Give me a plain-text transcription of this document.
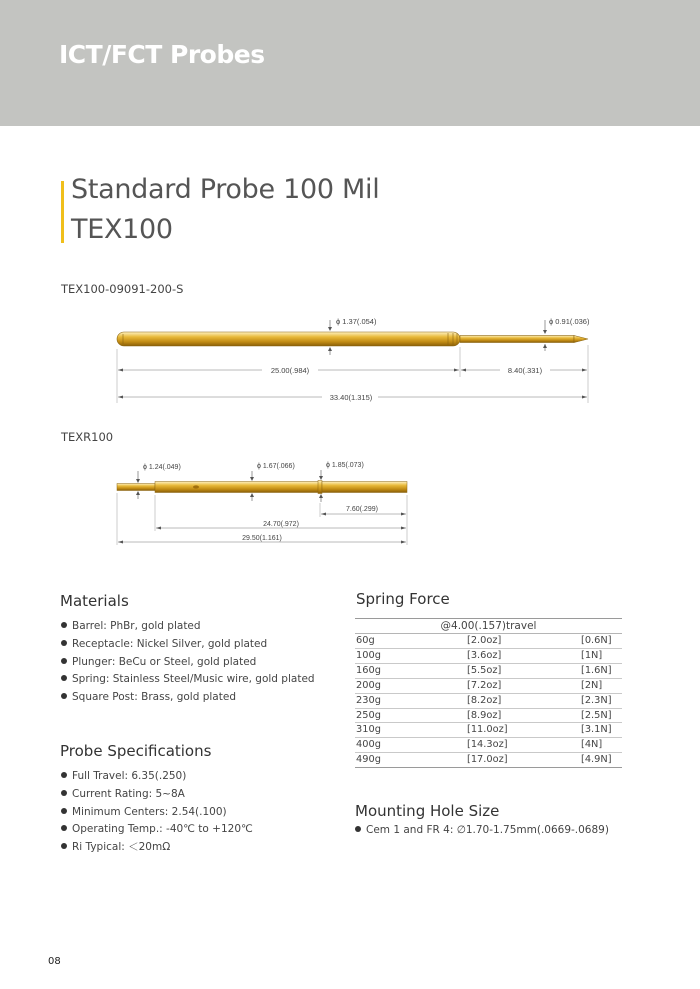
ICT/FCT Probes
Standard Probe 100 Mil
TEX100
TEX100-09091-200-S
ϕ 1.37(.054)	ϕ 0.91(.036)
25.00(.984)	8.40(.331)
33.40(1.315)
TEXR100
ϕ 1.24(.049)	ϕ 1.67(.066)	ϕ 1.85(.073)
7.60(.299)
24.70(.972)
29.50(1.161)
Materials
Barrel: PhBr, gold plated
Receptacle: Nickel Silver, gold plated
Plunger: BeCu or Steel, gold plated
Spring: Stainless Steel/Music wire, gold plated
Square Post: Brass, gold plated
Probe Specifications
Full Travel: 6.35(.250)
Current Rating: 5~8A
Minimum Centers: 2.54(.100)
Operating Temp.: -40℃ to +120℃
Ri Typical: ＜20mΩ
Spring Force
@4.00(.157)travel		
60g	[2.0oz]	[0.6N]
100g	[3.6oz]	[1N]
160g	[5.5oz]	[1.6N]
200g	[7.2oz]	[2N]
230g	[8.2oz]	[2.3N]
250g	[8.9oz]	[2.5N]
310g	[11.0oz]	[3.1N]
400g	[14.3oz]	[4N]
490g	[17.0oz]	[4.9N]
Mounting Hole Size
Cem 1 and FR 4: ∅1.70-1.75mm(.0669-.0689)
08
